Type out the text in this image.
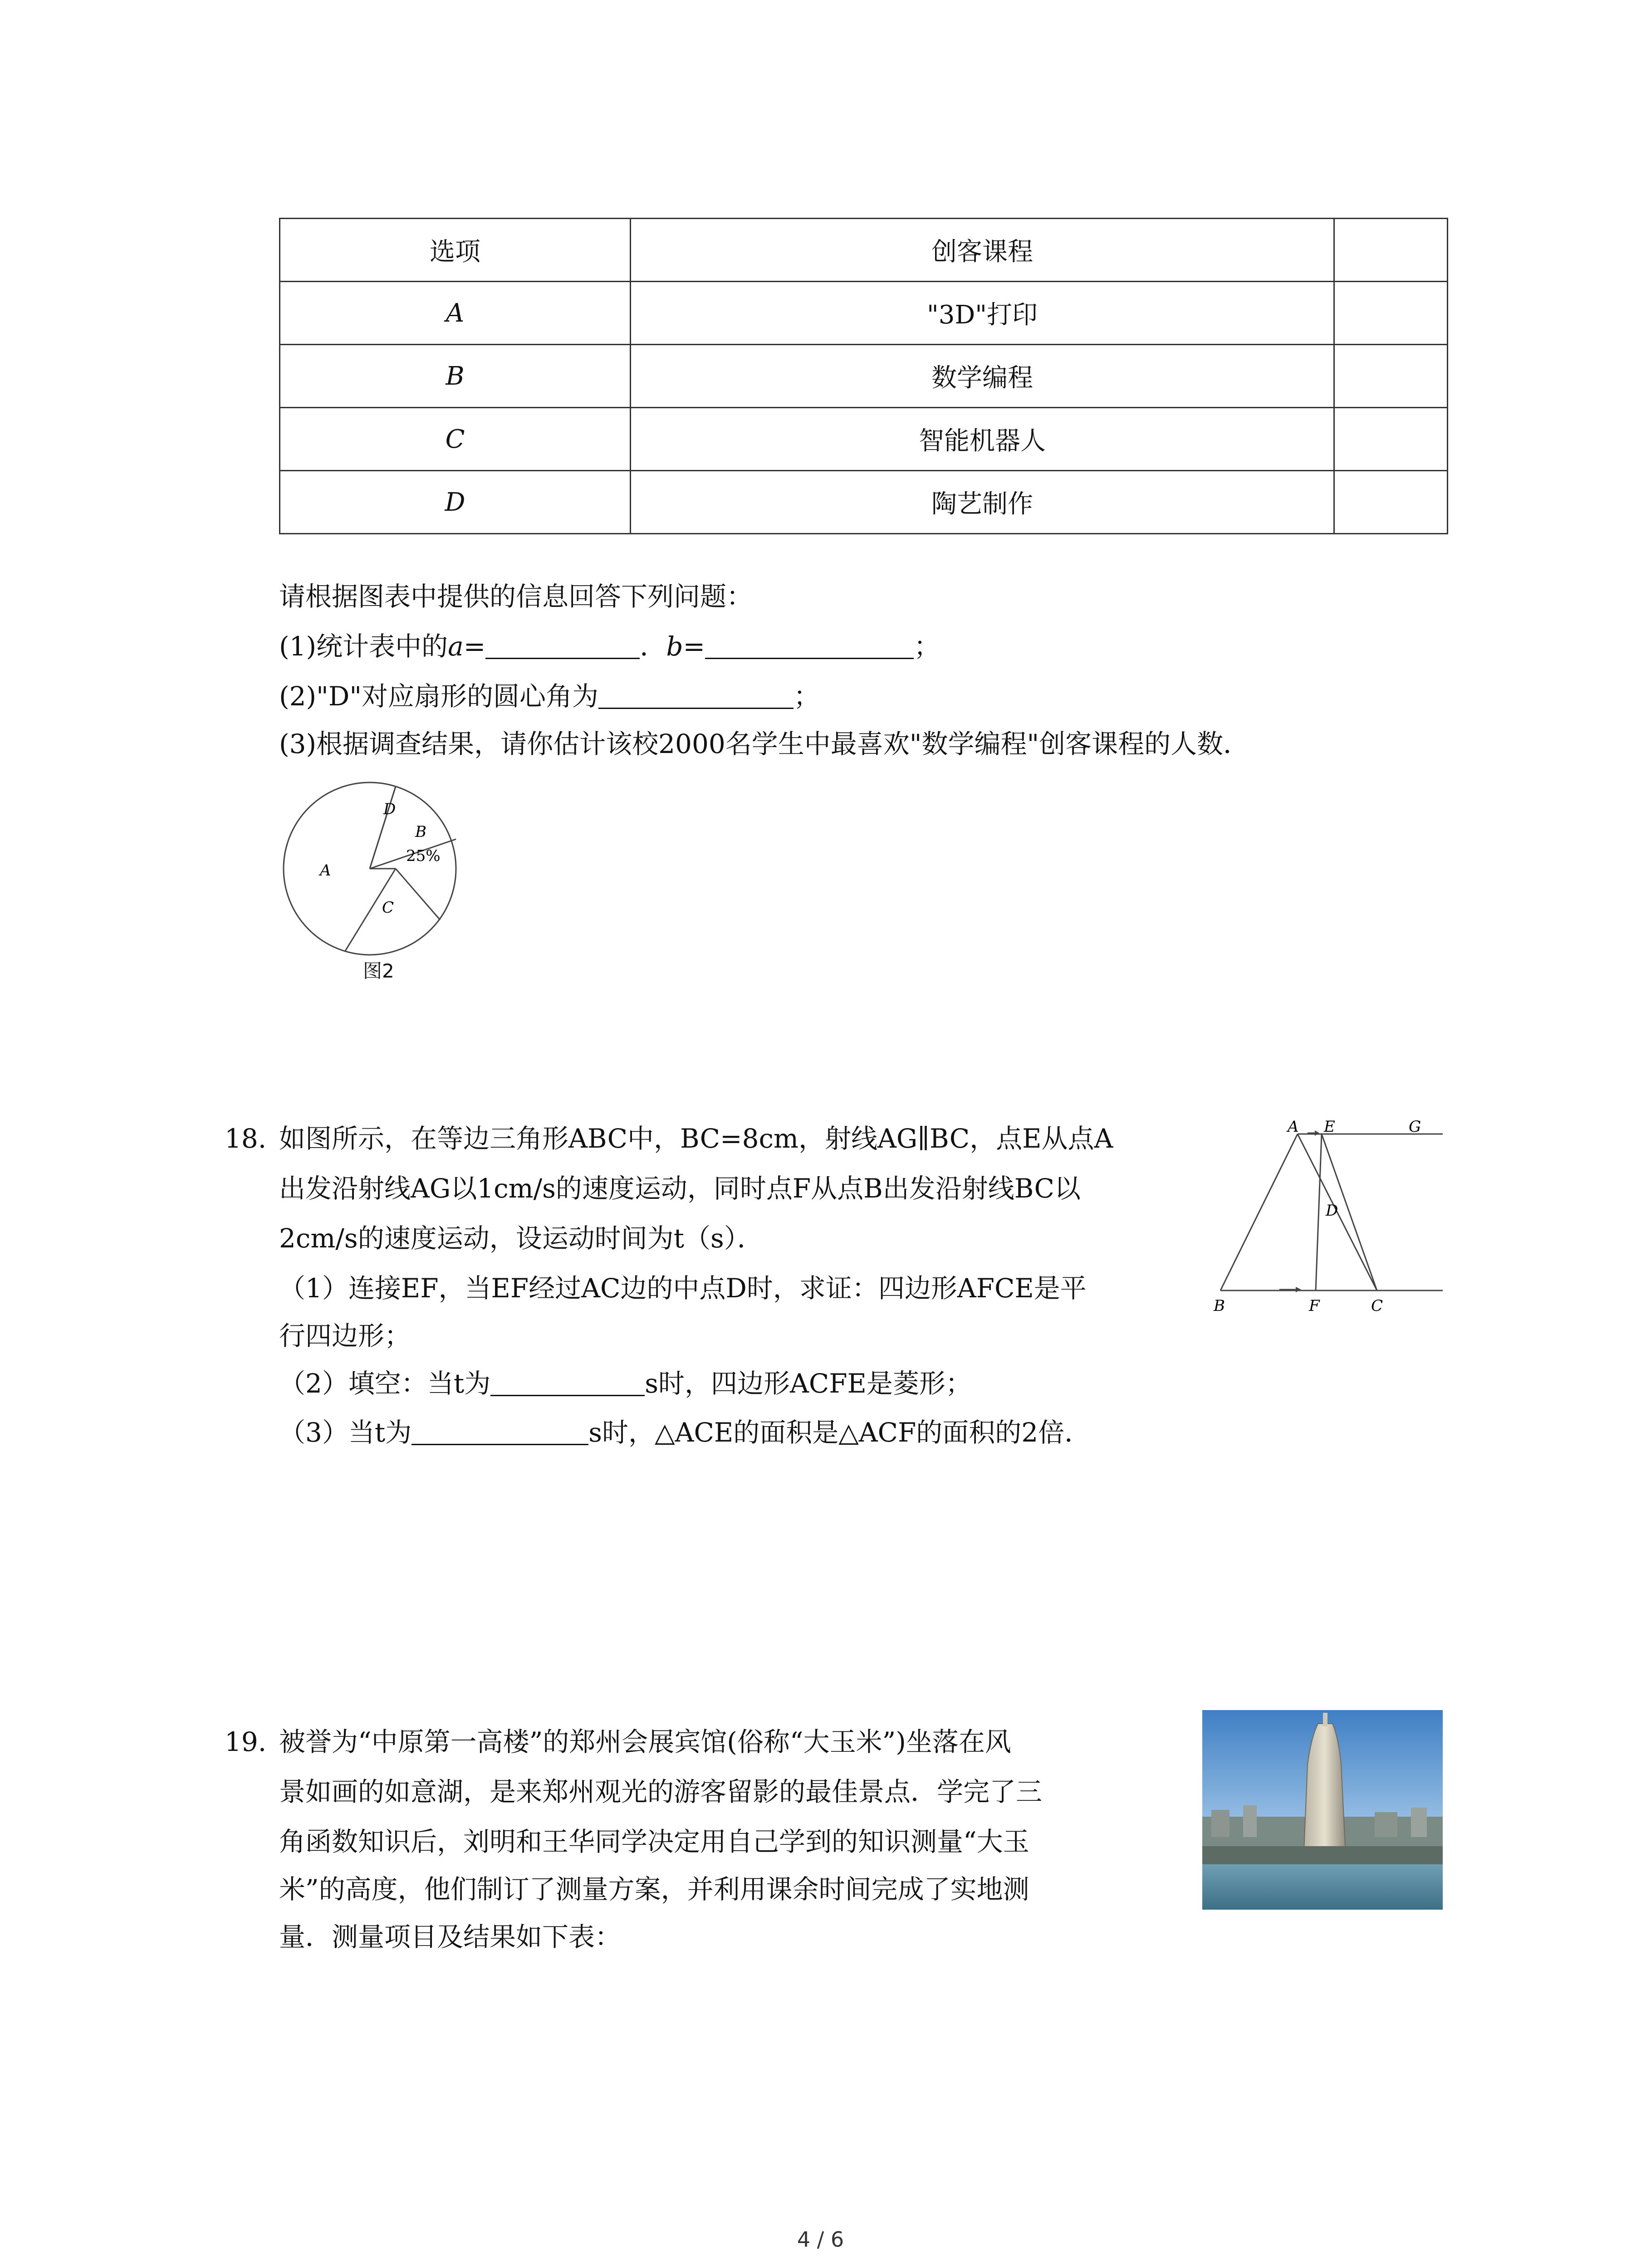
选项	创客课程	
A	"3D"打印	
B	数学编程	
C	智能机器人	
D	陶艺制作	
请根据图表中提供的信息回答下列问题：
(1)统计表中的a=	．b=	；
(2)"D"对应扇形的圆心角为	；
(3)根据调查结果，请你估计该校2000名学生中最喜欢"数学编程"创客课程的人数．
D
B
25%
A
C
图2
18. 如图所示，在等边三角形ABC中，BC=8cm，射线AG∥BC，点E从点A
出发沿射线AG以1cm/s的速度运动，同时点F从点B出发沿射线BC以
2cm/s的速度运动，设运动时间为t（s）．
（1）连接EF，当EF经过AC边的中点D时，求证：四边形AFCE是平
行四边形；
（2）填空：当t为	s时，四边形ACFE是菱形；
（3）当t为	s时，△ACE的面积是△ACF的面积的2倍．
A E	G
D
B	F	C
19. 被誉为“中原第一高楼”的郑州会展宾馆(俗称“大玉米”)坐落在风
景如画的如意湖，是来郑州观光的游客留影的最佳景点．学完了三
角函数知识后，刘明和王华同学决定用自己学到的知识测量“大玉
米”的高度，他们制订了测量方案，并利用课余时间完成了实地测
量．测量项目及结果如下表：
4 / 6
